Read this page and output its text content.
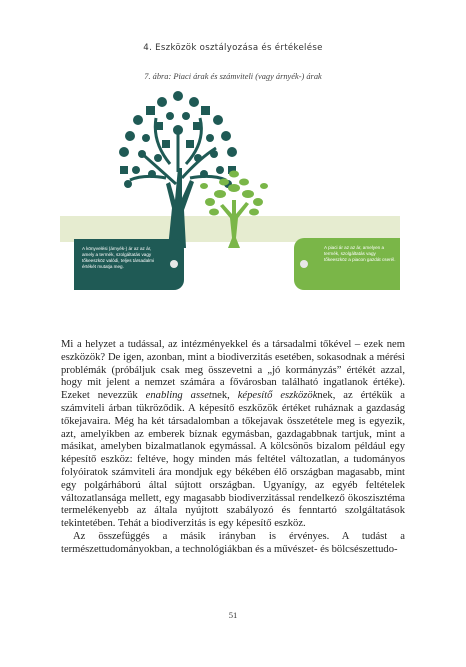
4. Eszközök osztályozása és értékelése
7. ábra: Piaci árak és számviteli (vagy árnyék-) árak
A könyvelési (árnyék-) ár az az ár, amely a termék, szolgáltatás vagy tőkeeszköz valódi, teljes társadalmi értékét mutatja meg.
A piaci ár az az ár, amelyen a termék, szolgáltatás vagy tőkeeszköz a piacon gazdát cserél.

Mi a helyzet a tudással, az intézményekkel és a társadalmi tőkével – ezek nem eszközök? De igen, azonban, mint a biodiverzitás esetében, sokasodnak a mérési problémák (próbáljuk csak meg összevetni a „jó kormányzás” értékét azzal, hogy mit jelent a nemzet számára a fővárosban található ingatlanok értéke). Ezeket nevezzük enabling assetnek, képesítő eszközöknek, az értékük a számviteli árban tükröződik. A képesítő eszközök értéket ruháznak a gazdaság tőkejavaira. Még ha két társadalomban a tőkejavak összetétele meg is egyezik, azt, amelyikben az emberek bíznak egymásban, gazdagabbnak tartjuk, mint a másikat, amelyben bizalmatlanok egymással. A kölcsönös bizalom például egy képesítő eszköz: feltéve, hogy minden más feltétel változatlan, a tudományos folyóiratok számviteli ára mondjuk egy békében élő országban magasabb, mint egy polgárháború által sújtott országban. Ugyanígy, az egyéb feltételek változatlansága mellett, egy magasabb biodiverzitással rendelkező ökoszisztéma termelékenyebb az általa nyújtott szabályozó és fenntartó szolgáltatások tekintetében. Tehát a biodiverzitás is egy képesítő eszköz.

Az összefüggés a másik irányban is érvényes. A tudást a természettudományokban, a technológiákban és a művészet- és bölcsészettudo-

51
